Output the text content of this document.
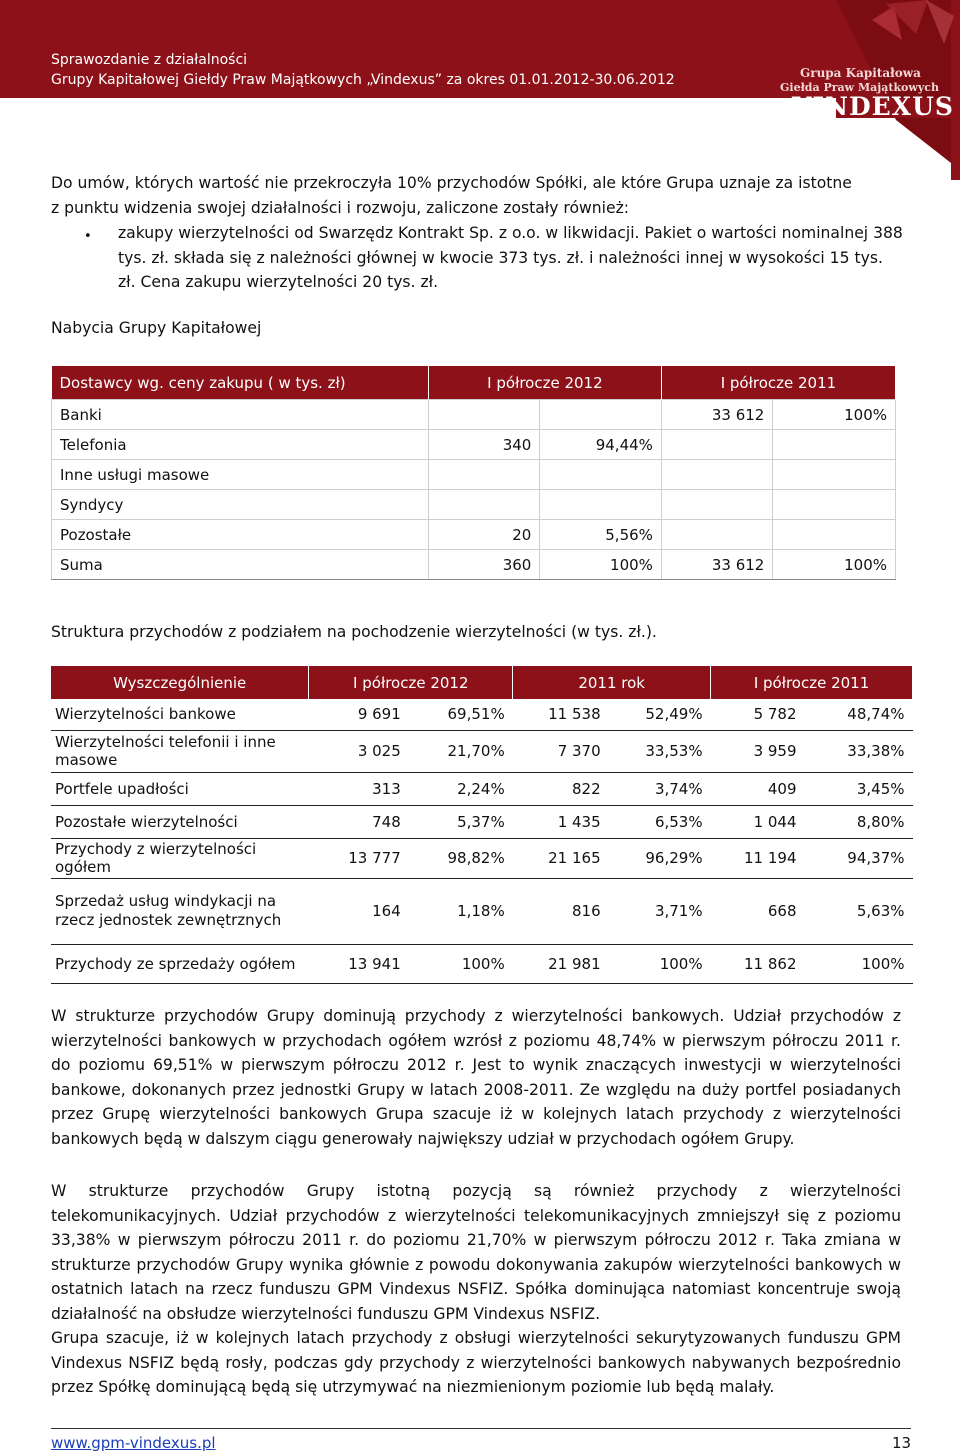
Sprawozdanie z działalności
Grupy Kapitałowej Giełdy Praw Majątkowych „Vindexus” za okres 01.01.2012-30.06.2012	Grupa Kapitałowa
Giełda Praw Majątkowych
VINDEXUS
Do umów, których wartość nie przekroczyła 10% przychodów Spółki, ale które Grupa uznaje za istotne z punktu widzenia swojej działalności i rozwoju, zaliczone zostały również:
• zakupy wierzytelności od Swarzędz Kontrakt Sp. z o.o. w likwidacji. Pakiet o wartości nominalnej 388 tys. zł. składa się z należności głównej w kwocie 373 tys. zł. i należności innej w wysokości 15 tys. zł. Cena zakupu wierzytelności 20 tys. zł.
Nabycia Grupy Kapitałowej
Dostawcy wg. ceny zakupu ( w tys. zł)	I półrocze 2012		I półrocze 2011	
Banki			33 612	100%
Telefonia	340	94,44%		
Inne usługi masowe				
Syndycy				
Pozostałe	20	5,56%		
Suma	360	100%	33 612	100%
Struktura przychodów z podziałem na pochodzenie wierzytelności (w tys. zł.).
Wyszczególnienie	I półrocze 2012		2011 rok		I półrocze 2011	
Wierzytelności bankowe	9 691	69,51%	11 538	52,49%	5 782	48,74%
Wierzytelności telefonii i inne masowe	3 025	21,70%	7 370	33,53%	3 959	33,38%
Portfele upadłości	313	2,24%	822	3,74%	409	3,45%
Pozostałe wierzytelności	748	5,37%	1 435	6,53%	1 044	8,80%
Przychody z wierzytelności ogółem	13 777	98,82%	21 165	96,29%	11 194	94,37%
Sprzedaż usług windykacji na rzecz jednostek zewnętrznych	164	1,18%	816	3,71%	668	5,63%
Przychody ze sprzedaży ogółem	13 941	100%	21 981	100%	11 862	100%
W strukturze przychodów Grupy dominują przychody z wierzytelności bankowych. Udział przychodów z wierzytelności bankowych w przychodach ogółem wzrósł z poziomu 48,74% w pierwszym półroczu 2011 r. do poziomu 69,51% w pierwszym półroczu 2012 r. Jest to wynik znaczących inwestycji w wierzytelności bankowe, dokonanych przez jednostki Grupy w latach 2008-2011. Ze względu na duży portfel posiadanych przez Grupę wierzytelności bankowych Grupa szacuje iż w kolejnych latach przychody z wierzytelności bankowych będą w dalszym ciągu generowały największy udział w przychodach ogółem Grupy.
W strukturze przychodów Grupy istotną pozycją są również przychody z wierzytelności telekomunikacyjnych. Udział przychodów z wierzytelności telekomunikacyjnych zmniejszył się z poziomu 33,38% w pierwszym półroczu 2011 r. do poziomu 21,70% w pierwszym półroczu 2012 r. Taka zmiana w strukturze przychodów Grupy wynika głównie z powodu dokonywania zakupów wierzytelności bankowych w ostatnich latach na rzecz funduszu GPM Vindexus NSFIZ. Spółka dominująca natomiast koncentruje swoją działalność na obsłudze wierzytelności funduszu GPM Vindexus NSFIZ.
Grupa szacuje, iż w kolejnych latach przychody z obsługi wierzytelności sekurytyzowanych funduszu GPM Vindexus NSFIZ będą rosły, podczas gdy przychody z wierzytelności bankowych nabywanych bezpośrednio przez Spółkę dominującą będą się utrzymywać na niezmienionym poziomie lub będą malały.
www.gpm-vindexus.pl	13
